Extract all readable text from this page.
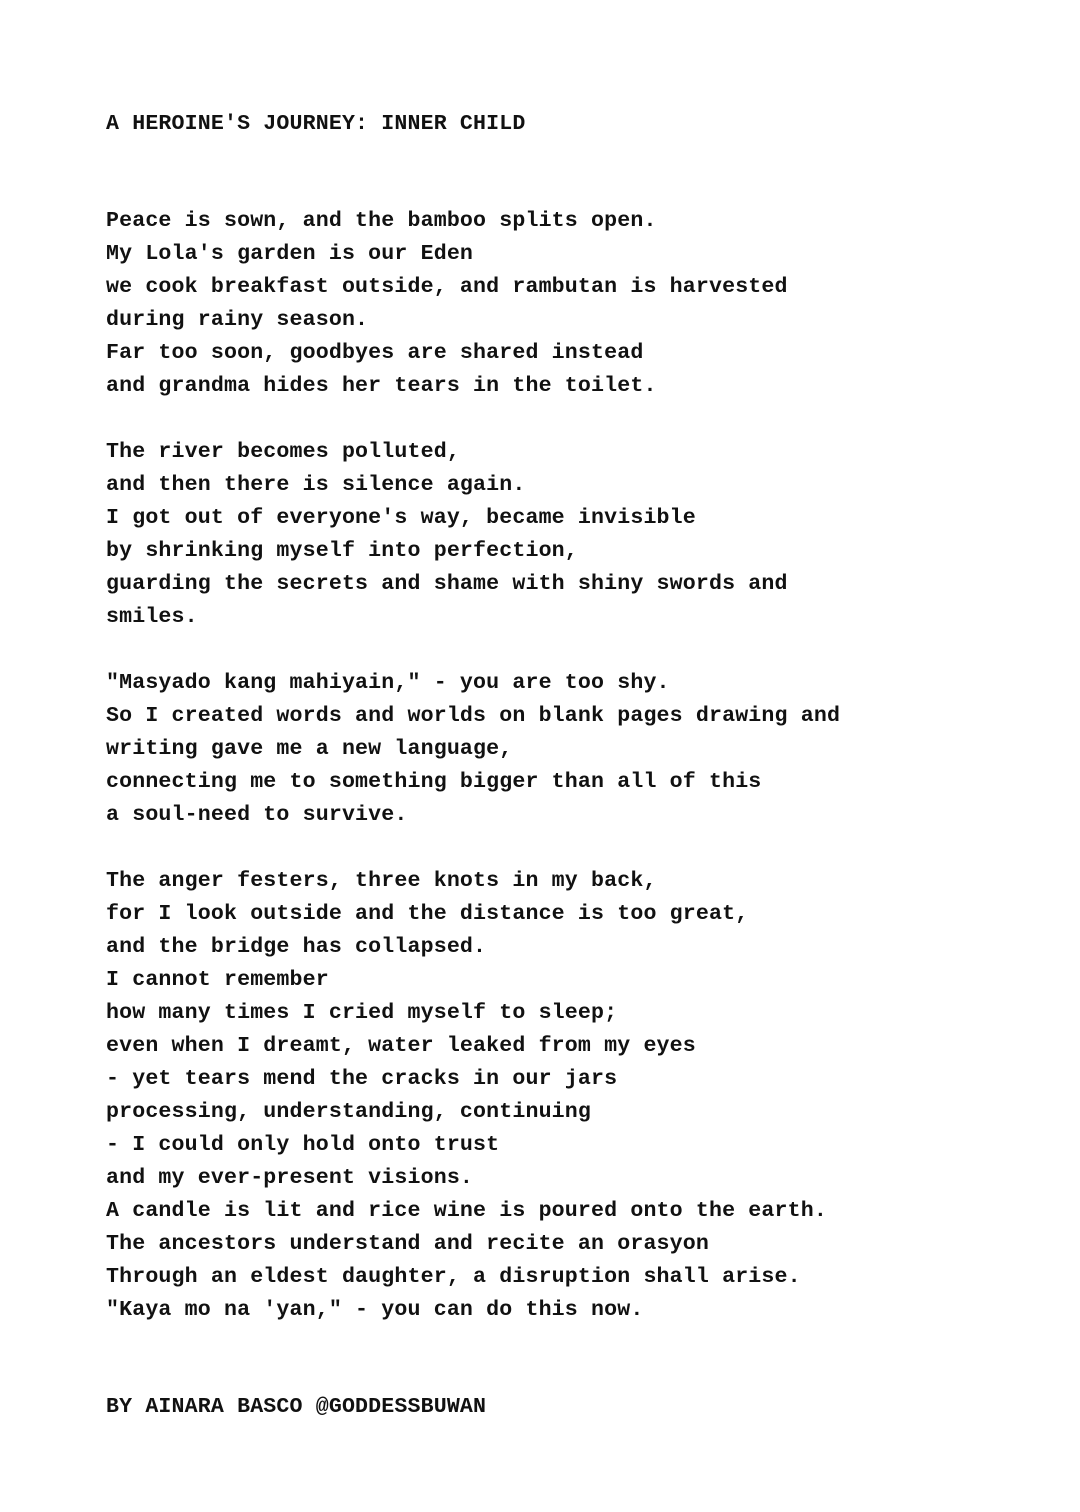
A HEROINE'S JOURNEY: INNER CHILD
Peace is sown, and the bamboo splits open.
My Lola's garden is our Eden
we cook breakfast outside, and rambutan is harvested
during rainy season.
Far too soon, goodbyes are shared instead
and grandma hides her tears in the toilet.
The river becomes polluted,
and then there is silence again.
I got out of everyone's way, became invisible
by shrinking myself into perfection,
guarding the secrets and shame with shiny swords and
smiles.
"Masyado kang mahiyain," - you are too shy.
So I created words and worlds on blank pages drawing and
writing gave me a new language,
connecting me to something bigger than all of this
a soul-need to survive.
The anger festers, three knots in my back,
for I look outside and the distance is too great,
and the bridge has collapsed.
I cannot remember
how many times I cried myself to sleep;
even when I dreamt, water leaked from my eyes
- yet tears mend the cracks in our jars
processing, understanding, continuing
- I could only hold onto trust
and my ever-present visions.
A candle is lit and rice wine is poured onto the earth.
The ancestors understand and recite an orasyon
Through an eldest daughter, a disruption shall arise.
"Kaya mo na 'yan," - you can do this now.
BY AINARA BASCO @GODDESSBUWAN
